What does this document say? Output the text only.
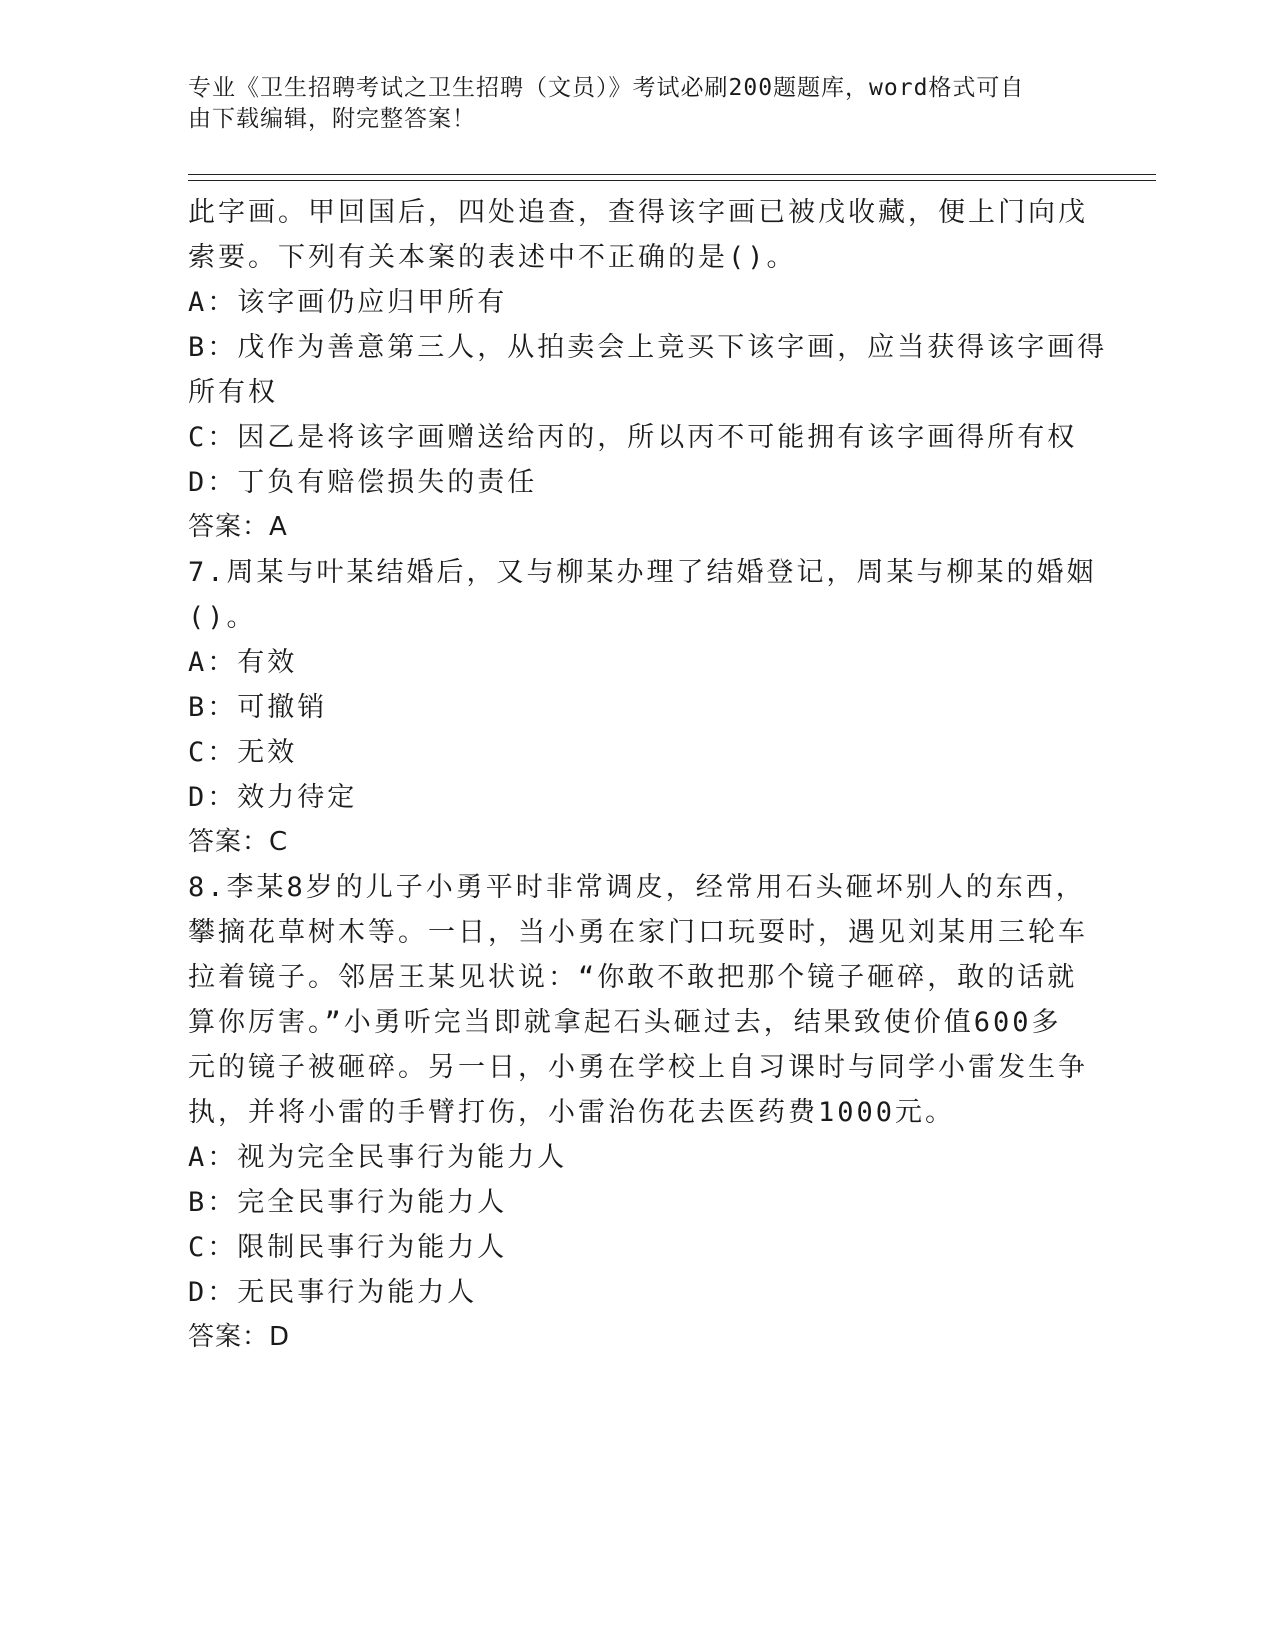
专业《卫生招聘考试之卫生招聘（文员）》考试必刷200题题库，word格式可自
由下载编辑，附完整答案！
此字画。甲回国后，四处追查，查得该字画已被戊收藏，便上门向戊
索要。下列有关本案的表述中不正确的是()。
A：该字画仍应归甲所有
B：戊作为善意第三人，从拍卖会上竞买下该字画，应当获得该字画得
所有权
C：因乙是将该字画赠送给丙的，所以丙不可能拥有该字画得所有权
D：丁负有赔偿损失的责任
答案：A
7.周某与叶某结婚后，又与柳某办理了结婚登记，周某与柳某的婚姻
()。
A：有效
B：可撤销
C：无效
D：效力待定
答案：C
8.李某8岁的儿子小勇平时非常调皮，经常用石头砸坏别人的东西，
攀摘花草树木等。一日，当小勇在家门口玩耍时，遇见刘某用三轮车
拉着镜子。邻居王某见状说：“你敢不敢把那个镜子砸碎，敢的话就
算你厉害。”小勇听完当即就拿起石头砸过去，结果致使价值600多
元的镜子被砸碎。另一日，小勇在学校上自习课时与同学小雷发生争
执，并将小雷的手臂打伤，小雷治伤花去医药费1000元。
A：视为完全民事行为能力人
B：完全民事行为能力人
C：限制民事行为能力人
D：无民事行为能力人
答案：D
